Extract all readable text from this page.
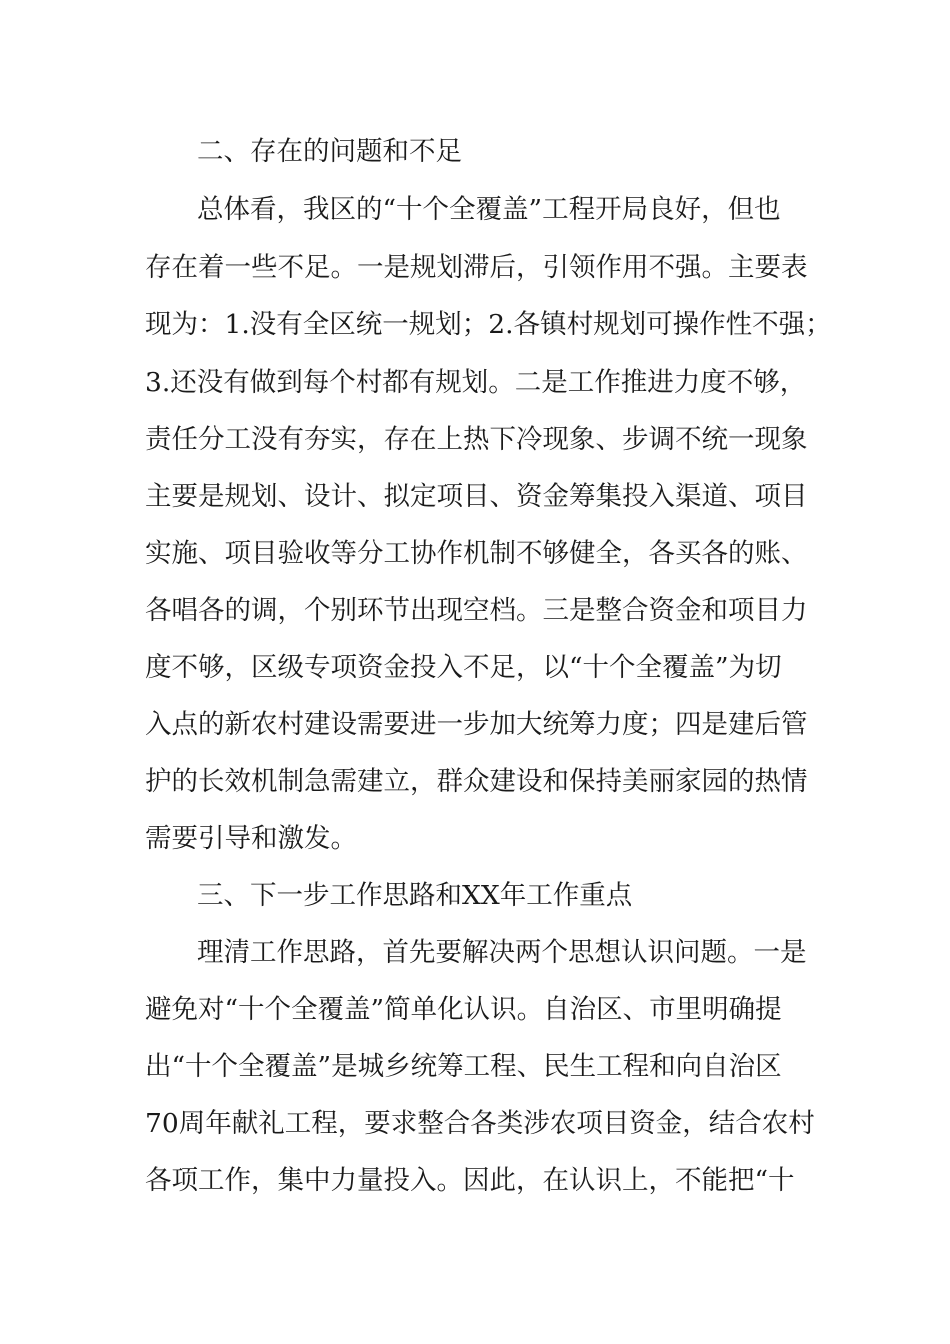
二、存在的问题和不足
总体看，我区的“十个全覆盖”工程开局良好，但也
存在着一些不足。一是规划滞后，引领作用不强。主要表
现为：1.没有全区统一规划；2.各镇村规划可操作性不强；
3.还没有做到每个村都有规划。二是工作推进力度不够，
责任分工没有夯实，存在上热下冷现象、步调不统一现象
主要是规划、设计、拟定项目、资金筹集投入渠道、项目
实施、项目验收等分工协作机制不够健全，各买各的账、
各唱各的调，个别环节出现空档。三是整合资金和项目力
度不够，区级专项资金投入不足，以“十个全覆盖”为切
入点的新农村建设需要进一步加大统筹力度；四是建后管
护的长效机制急需建立，群众建设和保持美丽家园的热情
需要引导和激发。
三、下一步工作思路和XX年工作重点
理清工作思路，首先要解决两个思想认识问题。一是
避免对“十个全覆盖”简单化认识。自治区、市里明确提
出“十个全覆盖”是城乡统筹工程、民生工程和向自治区
70周年献礼工程，要求整合各类涉农项目资金，结合农村
各项工作，集中力量投入。因此，在认识上，不能把“十
